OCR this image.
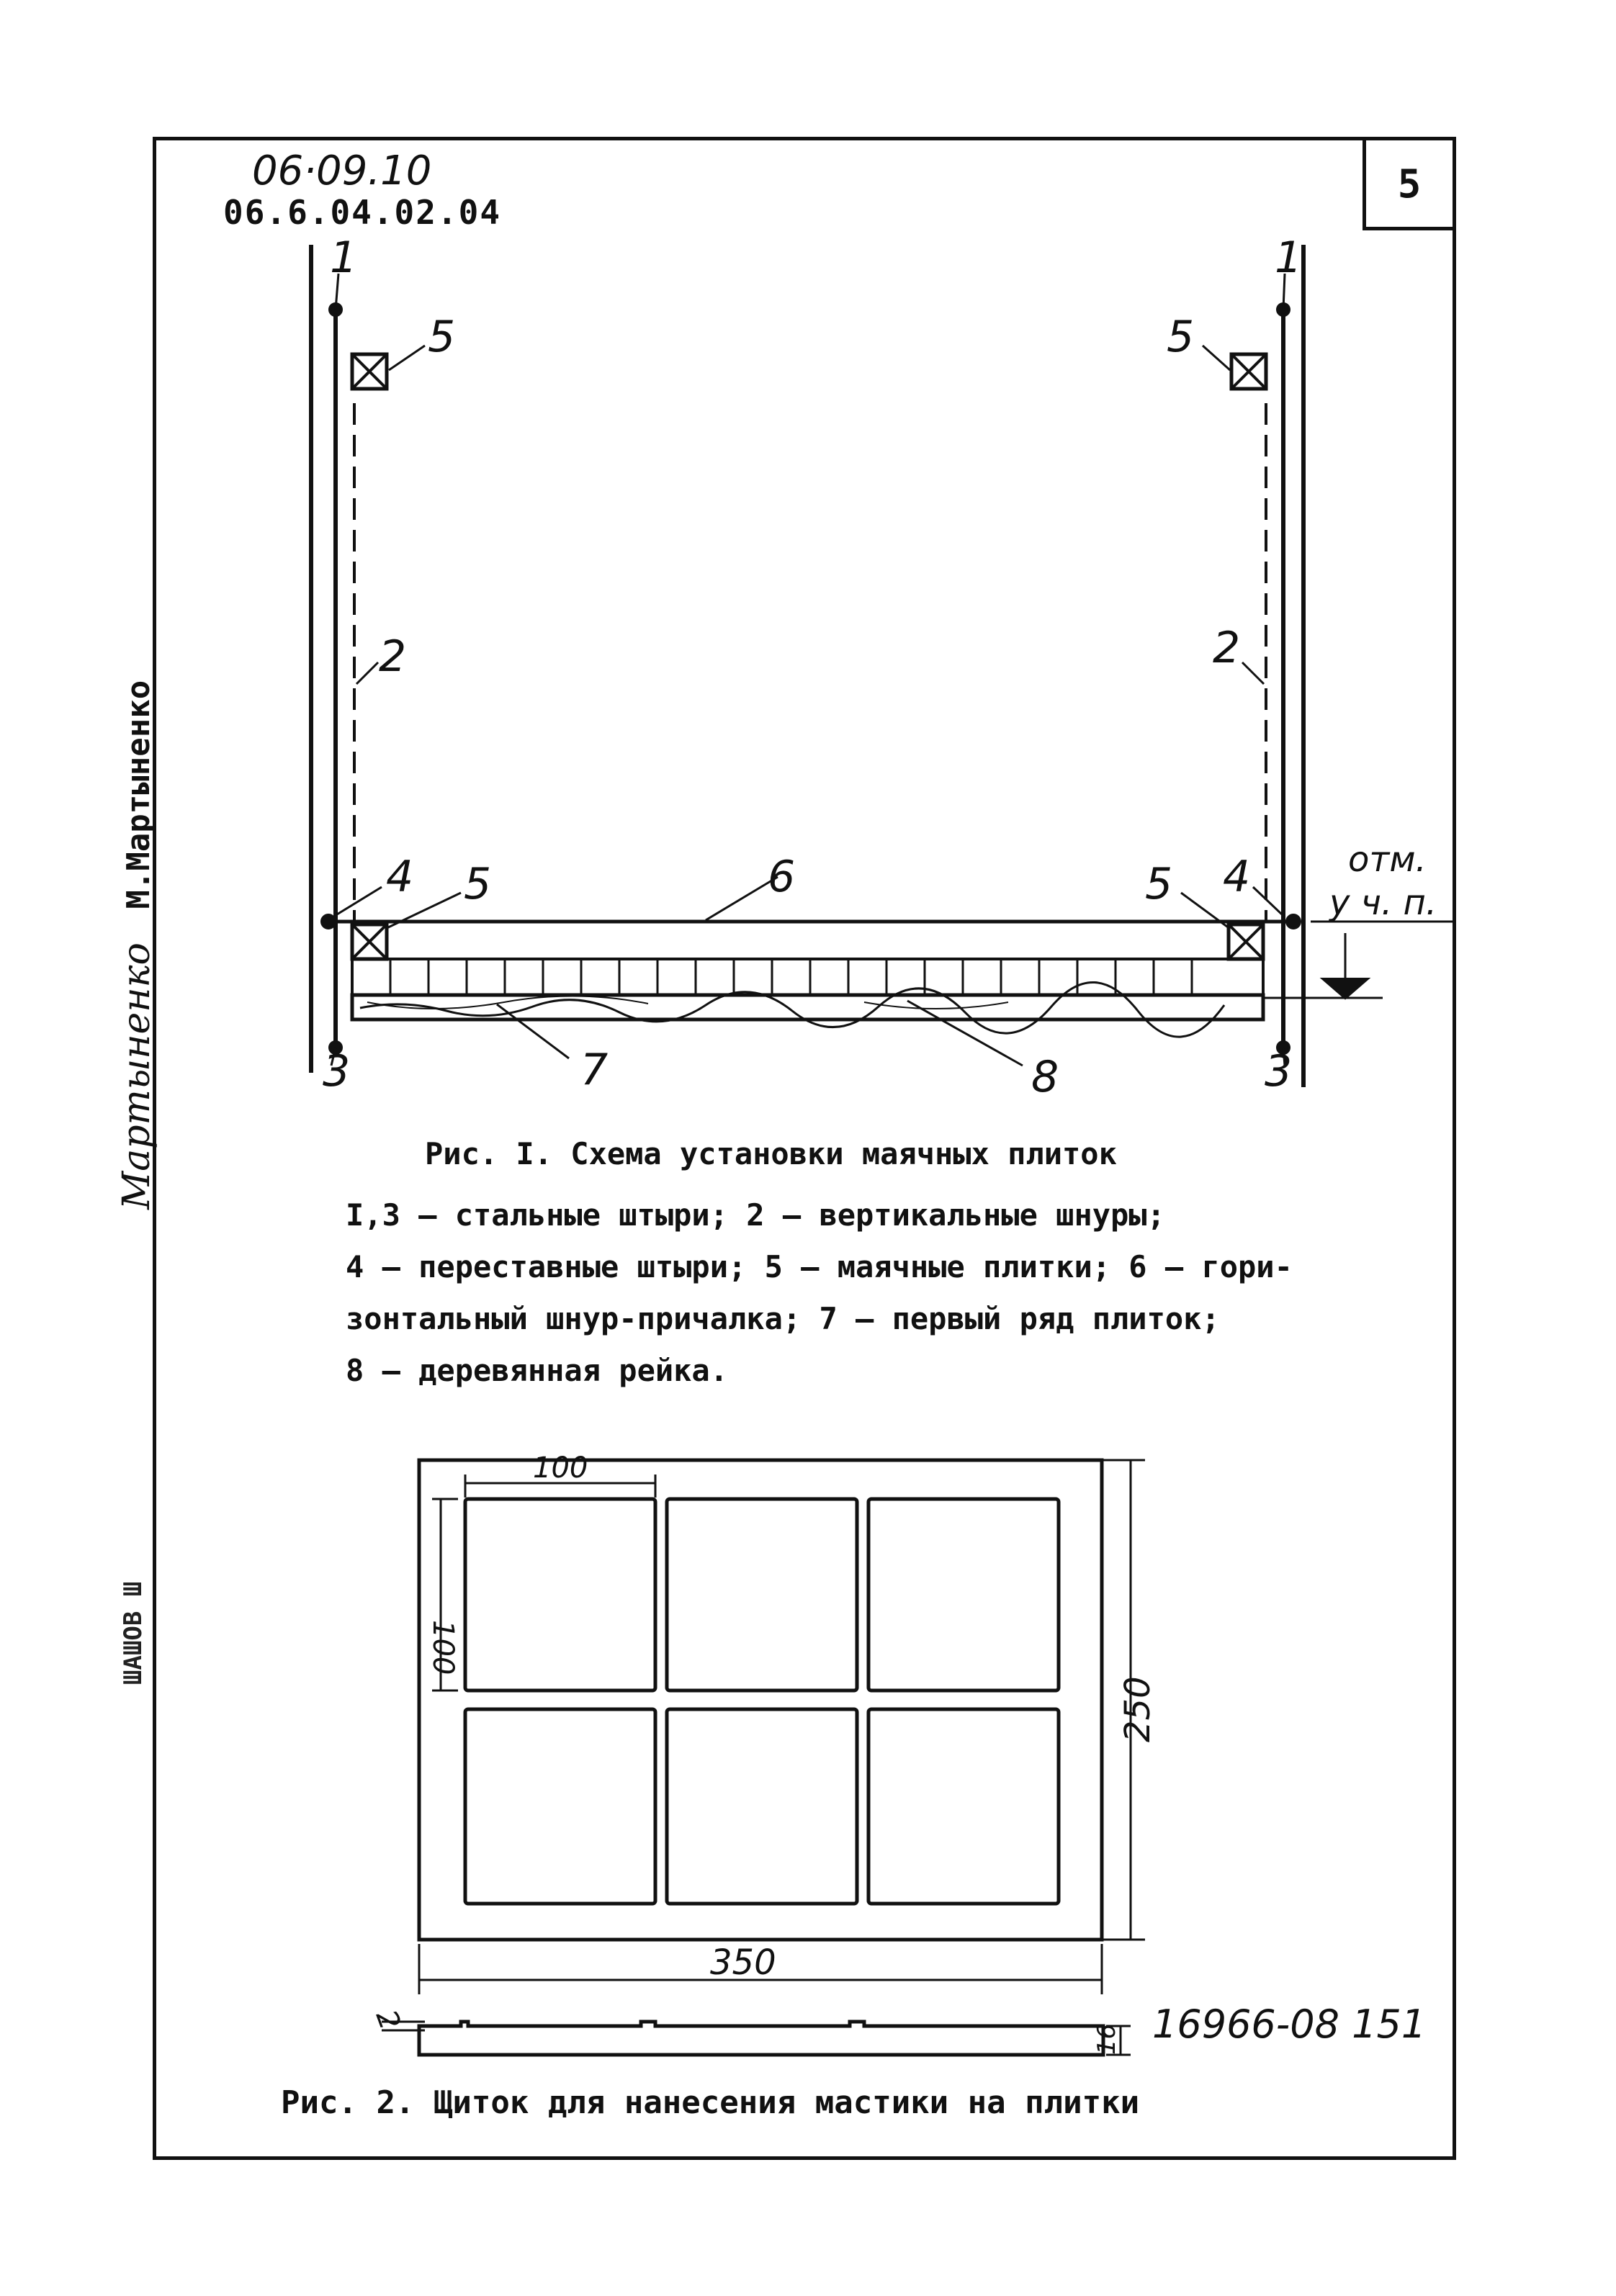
5
06·09.10
06.6.04.02.04
Мартыненко М.Мартыненко
ШАШОВ Ш
1	1
5	5
2	2
4	4
5	5
6
7	8
3	3
отм.
у ч. п.
100
100
250
350
2
16
Рис. I. Схема установки маячных плиток
I,3 – стальные штыри; 2 – вертикальные шнуры;
4 – переставные штыри; 5 – маячные плитки; 6 – гори-
зонтальный шнур-причалка; 7 – первый ряд плиток;
8 – деревянная рейка.
16966-08 151
Рис. 2. Щиток для нанесения мастики на плитки
